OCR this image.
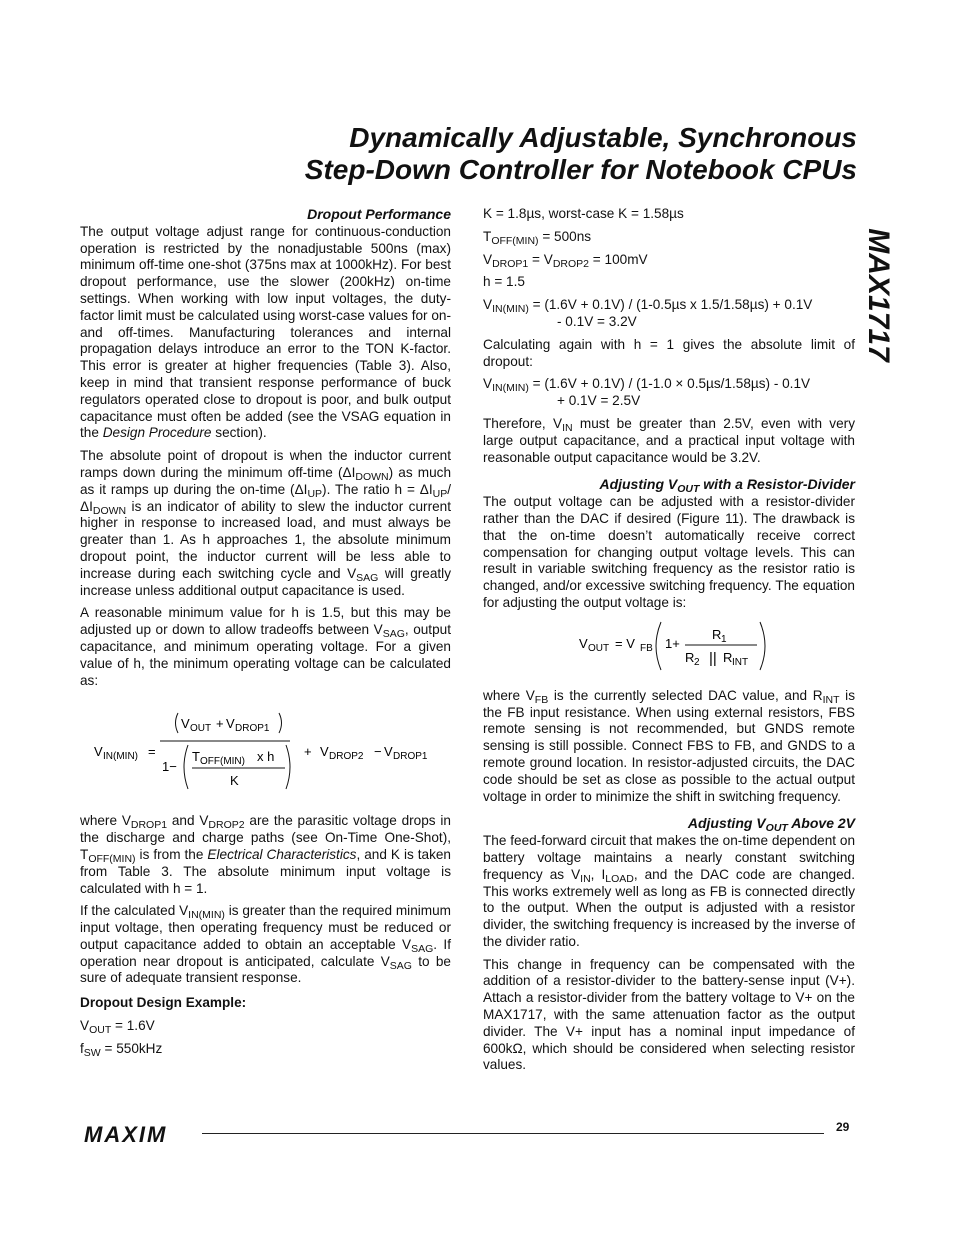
Dynamically Adjustable, Synchronous
Step-Down Controller for Notebook CPUs
MAX1717
Dropout Performance

The output voltage adjust range for continuous-conduction operation is restricted by the nonadjustable 500ns (max) minimum off-time one-shot (375ns max at 1000kHz). For best dropout performance, use the slower (200kHz) on-time settings. When working with low input voltages, the duty-factor limit must be calculated using worst-case values for on- and off-times. Manufacturing tolerances and internal propagation delays introduce an error to the TON K-factor. This error is greater at higher frequencies (Table 3). Also, keep in mind that transient response performance of buck regulators operated close to dropout is poor, and bulk output capacitance must often be added (see the VSAG equation in the Design Procedure section).

The absolute point of dropout is when the inductor current ramps down during the minimum off-time $(\Delta I_{DOWN})$ as much as it ramps up during the on-time $(\Delta I_{UP})$. The ratio $h = \Delta I_{UP}/\Delta I_{DOWN}$ is an indicator of ability to slew the inductor current higher in response to increased load, and must always be greater than 1. As h approaches 1, the absolute minimum dropout point, the inductor current will be less able to increase during each switching cycle and $V_{SAG}$ will greatly increase unless additional output capacitance is used.

A reasonable minimum value for h is 1.5, but this may be adjusted up or down to allow tradeoffs between $V_{SAG}$, output capacitance, and minimum operating voltage. For a given value of h, the minimum operating voltage can be calculated as:

V IN(MIN) =
V OUT + V DROP1
1−
T OFF(MIN) x h
K
+ V DROP2 − V DROP1

where $V_{DROP1}$ and $V_{DROP2}$ are the parasitic voltage drops in the discharge and charge paths (see On-Time One-Shot), $T_{OFF(MIN)}$ is from the Electrical Characteristics, and K is taken from Table 3. The absolute minimum input voltage is calculated with h = 1.

If the calculated $V_{IN(MIN)}$ is greater than the required minimum input voltage, then operating frequency must be reduced or output capacitance added to obtain an acceptable $V_{SAG}$. If operation near dropout is anticipated, calculate $V_{SAG}$ to be sure of adequate transient response.

Dropout Design Example:
$V_{OUT} = 1.6V$
$f_{SW} = 550kHz$
K = 1.8µs, worst-case K = 1.58µs
$T_{OFF(MIN)} = 500ns$
$V_{DROP1} = V_{DROP2} = 100mV$
h = 1.5
$V_{IN(MIN)} = (1.6V + 0.1V) / (1-0.5\mu s$ x 1.5/1.58µs) + 0.1V
- 0.1V = 3.2V

Calculating again with h = 1 gives the absolute limit of dropout:

$V_{IN(MIN)} = (1.6V + 0.1V) / (1-1.0 \times 0.5\mu s/1.58\mu s) - 0.1V$
+ 0.1V = 2.5V

Therefore, $V_{IN}$ must be greater than 2.5V, even with very large output capacitance, and a practical input voltage with reasonable output capacitance would be 3.2V.

Adjusting $V_{OUT}$ with a Resistor-Divider

The output voltage can be adjusted with a resistor-divider rather than the DAC if desired (Figure 11). The drawback is that the on-time doesn’t automatically receive correct compensation for changing output voltage levels. This can result in variable switching frequency as the resistor ratio is changed, and/or excessive switching frequency. The equation for adjusting the output voltage is:

V OUT = V FB 1+
R 1
R 2 || R INT

where $V_{FB}$ is the currently selected DAC value, and $R_{INT}$ is the FB input resistance. When using external resistors, FBS remote sensing is not recommended, but GNDS remote sensing is still possible. Connect FBS to FB, and GNDS to a remote ground location. In resistor-adjusted circuits, the DAC code should be set as close as possible to the actual output voltage in order to minimize the shift in switching frequency.

Adjusting $V_{OUT}$ Above 2V

The feed-forward circuit that makes the on-time dependent on battery voltage maintains a nearly constant switching frequency as $V_{IN}$, $I_{LOAD}$, and the DAC code are changed. This works extremely well as long as FB is connected directly to the output. When the output is adjusted with a resistor divider, the switching frequency is increased by the inverse of the divider ratio.

This change in frequency can be compensated with the addition of a resistor-divider to the battery-sense input (V+). Attach a resistor-divider from the battery voltage to V+ on the MAX1717, with the same attenuation factor as the output divider. The V+ input has a nominal input impedance of 600kΩ, which should be considered when selecting resistor values.

MAXIM	29
